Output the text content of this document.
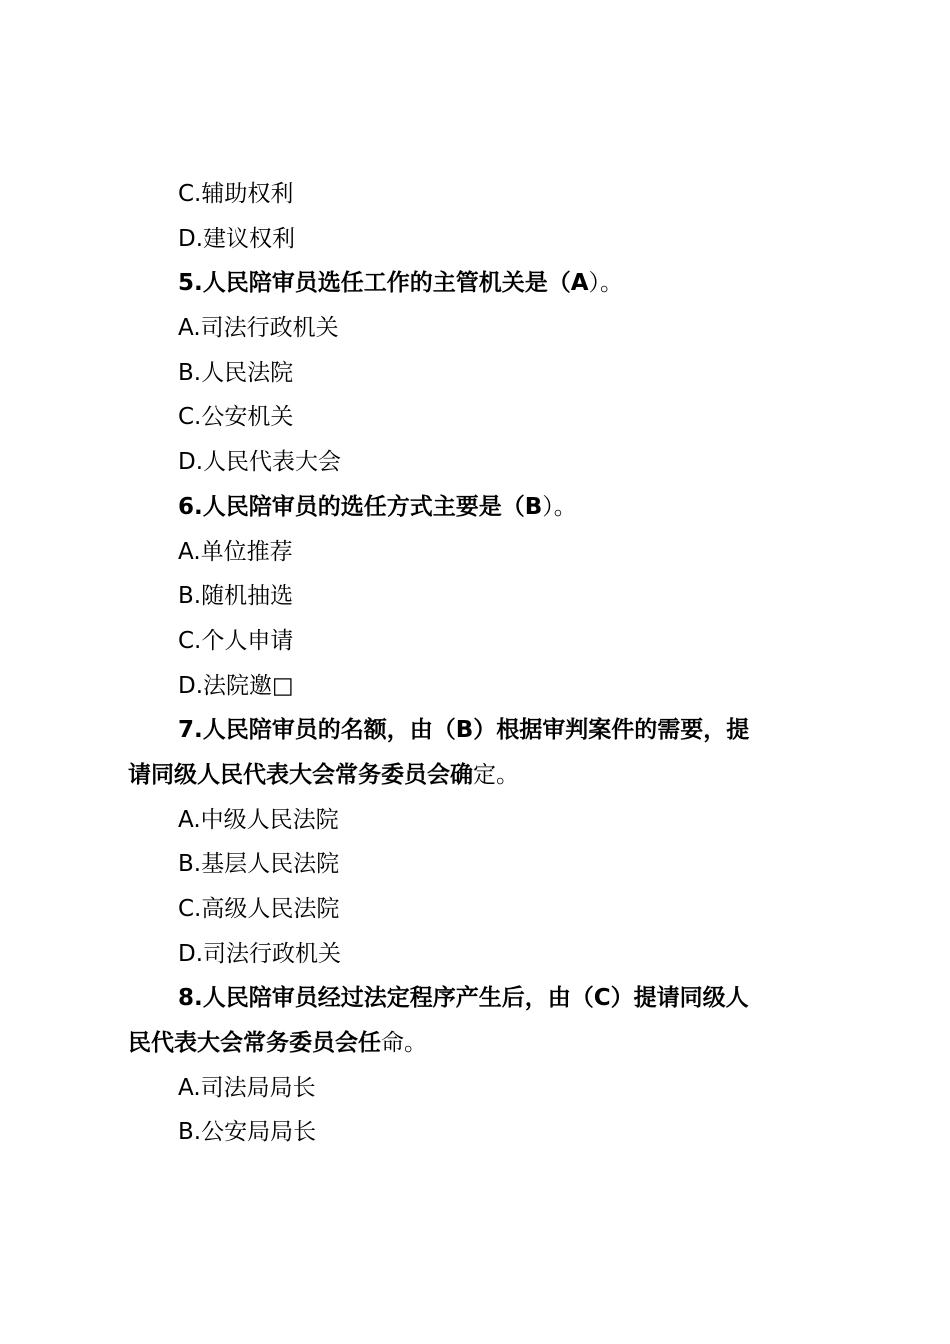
C.辅助权利
D.建议权利
5.人民陪审员选任工作的主管机关是（A）。
A.司法行政机关
B.人民法院
C.公安机关
D.人民代表大会
6.人民陪审员的选任方式主要是（B）。
A.单位推荐
B.随机抽选
C.个人申请
D.法院邀□
7.人民陪审员的名额，由（B）根据审判案件的需要，提
请同级人民代表大会常务委员会确定。
A.中级人民法院
B.基层人民法院
C.高级人民法院
D.司法行政机关
8.人民陪审员经过法定程序产生后，由（C）提请同级人
民代表大会常务委员会任命。
A.司法局局长
B.公安局局长
